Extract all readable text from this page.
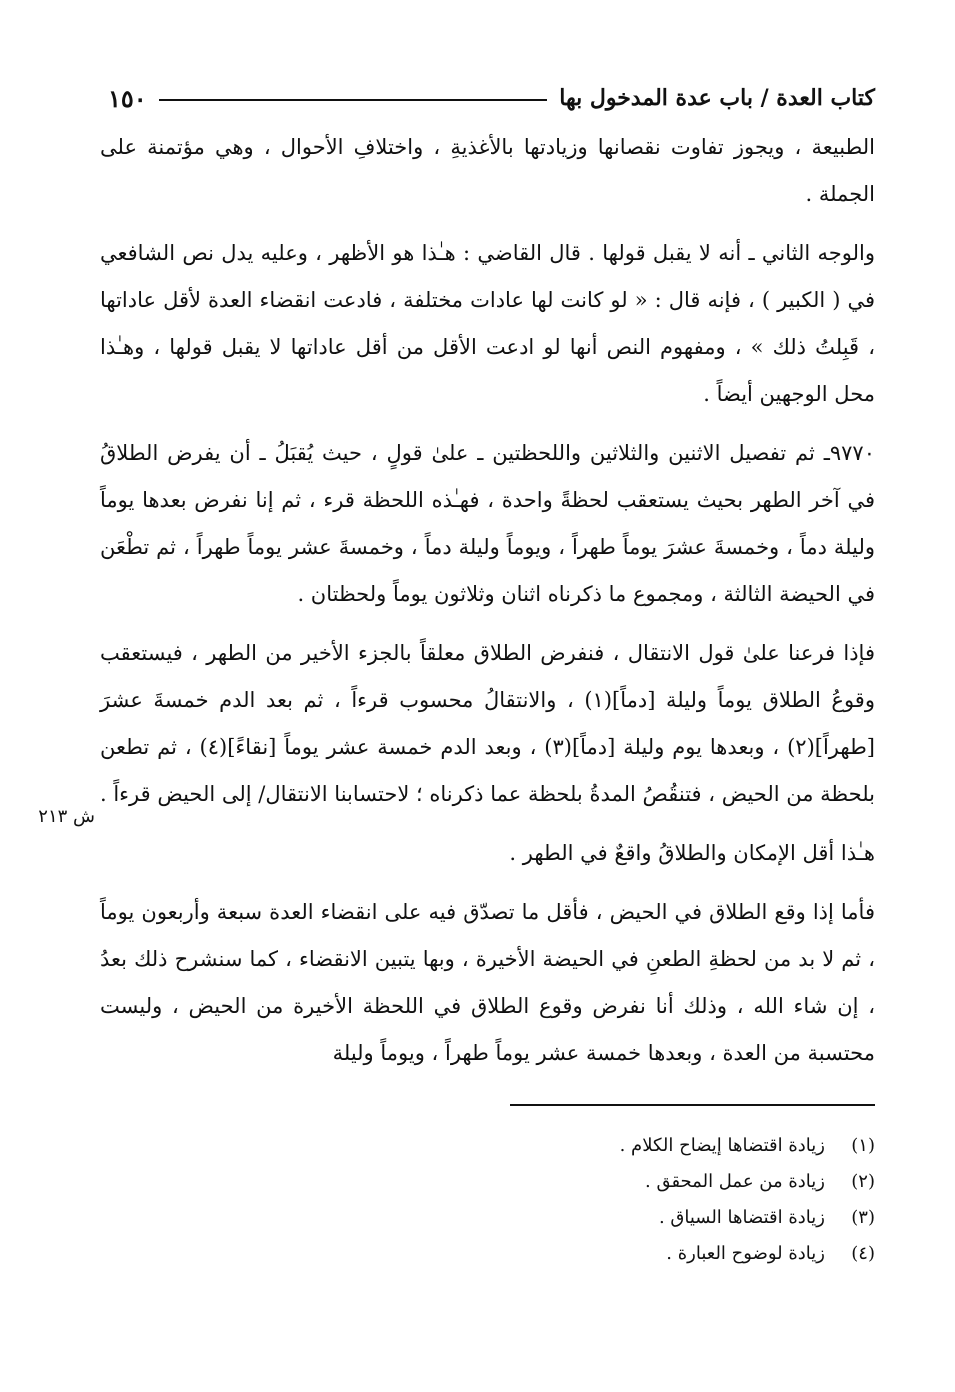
كتاب العدة / باب عدة المدخول بها
١٥٠

الطبيعة ، ويجوز تفاوت نقصانها وزيادتها بالأغذيةِ ، واختلافِ الأحوال ، وهي مؤتمنة على الجملة .

والوجه الثاني ـ أنه لا يقبل قولها . قال القاضي : هـٰذا هو الأظهر ، وعليه يدل نص الشافعي في ( الكبير ) ، فإنه قال : « لو كانت لها عادات مختلفة ، فادعت انقضاء العدة لأقل عاداتها ، قَبِلتُ ذلك » ، ومفهوم النص أنها لو ادعت الأقل من أقل عاداتها لا يقبل قولها ، وهـٰذا محل الوجهين أيضاً .

٩٧٧٠ـ ثم تفصيل الاثنين والثلاثين واللحظتين ـ علىٰ قولٍ ، حيث يُقبَلُ ـ أن يفرض الطلاقُ في آخر الطهر بحيث يستعقب لحظةً واحدة ، فهـٰذه اللحظة قرء ، ثم إنا نفرض بعدها يوماً وليلة دماً ، وخمسةَ عشرَ يوماً طهراً ، ويوماً وليلة دماً ، وخمسةَ عشر يوماً طهراً ، ثم تطْعَن في الحيضة الثالثة ، ومجموع ما ذكرناه اثنان وثلاثون يوماً ولحظتان .

فإذا فرعنا علىٰ قول الانتقال ، فنفرض الطلاق معلقاً بالجزء الأخير من الطهر ، فيستعقب وقوعُ الطلاق يوماً وليلة [دماً](١) ، والانتقالُ محسوب قرءاً ، ثم بعد الدم خمسةَ عشرَ [طهراً](٢) ، وبعدها يوم وليلة [دماً](٣) ، وبعد الدم خمسة عشر يوماً [نقاءً](٤) ، ثم تطعن بلحظة من الحيض ، فتنقُصُ المدةُ بلحظة عما ذكرناه ؛ لاحتسابنا الانتقال/ إلى الحيض قرءاً .

هـٰذا أقل الإمكان والطلاقُ واقعٌ في الطهر .

فأما إذا وقع الطلاق في الحيض ، فأقل ما تصدّق فيه على انقضاء العدة سبعة وأربعون يوماً ، ثم لا بد من لحظةِ الطعنِ في الحيضة الأخيرة ، وبها يتبين الانقضاء ، كما سنشرح ذلك بعدُ ، إن شاء الله ، وذلك أنا نفرض وقوع الطلاق في اللحظة الأخيرة من الحيض ، وليست محتسبة من العدة ، وبعدها خمسة عشر يوماً طهراً ، ويوماً وليلة

ش ٢١٣
(١)
زيادة اقتضاها إيضاح الكلام .
(٢)
زيادة من عمل المحقق .
(٣)
زيادة اقتضاها السياق .
(٤)
زيادة لوضوح العبارة .
